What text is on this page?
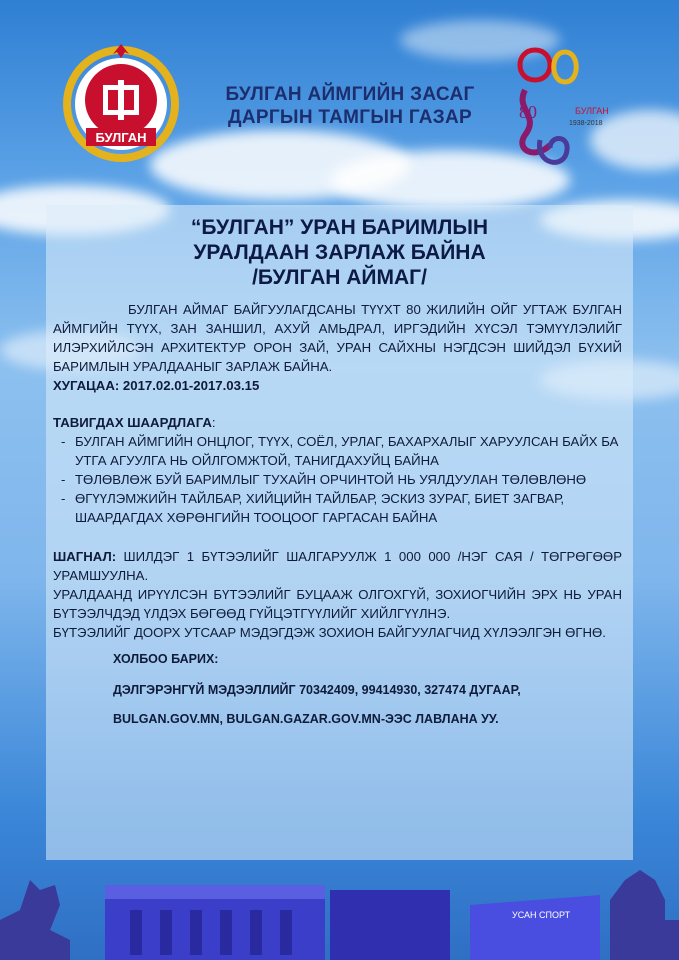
БУЛГАН
БУЛГАН АЙМГИЙН ЗАСАГ
ДАРГЫН ТАМГЫН ГАЗАР	80	БУЛГАН
1938-2018
“БУЛГАН” УРАН БАРИМЛЫН
УРАЛДААН ЗАРЛАЖ БАЙНА
/БУЛГАН АЙМАГ/

БУЛГАН АЙМАГ БАЙГУУЛАГДСАНЫ ТҮҮХТ 80 ЖИЛИЙН ОЙГ УГТАЖ БУЛГАН АЙМГИЙН ТҮҮХ, ЗАН ЗАНШИЛ, АХУЙ АМЬДРАЛ, ИРГЭДИЙН ХҮСЭЛ ТЭМҮҮЛЭЛИЙГ ИЛЭРХИЙЛСЭН АРХИТЕКТУР ОРОН ЗАЙ, УРАН САЙХНЫ НЭГДСЭН ШИЙДЭЛ БҮХИЙ БАРИМЛЫН УРАЛДААНЫГ ЗАРЛАЖ БАЙНА.

ХУГАЦАА: 2017.02.01-2017.03.15

ТАВИГДАХ ШААРДЛАГА:

- БУЛГАН АЙМГИЙН ОНЦЛОГ, ТҮҮХ, СОЁЛ, УРЛАГ, БАХАРХАЛЫГ ХАРУУЛСАН БАЙХ БА УТГА АГУУЛГА НЬ ОЙЛГОМЖТОЙ, ТАНИГДАХУЙЦ БАЙНА
- ТӨЛӨВЛӨЖ БУЙ БАРИМЛЫГ ТУХАЙН ОРЧИНТОЙ НЬ УЯЛДУУЛАН ТӨЛӨВЛӨНӨ
- ӨГҮҮЛЭМЖИЙН ТАЙЛБАР, ХИЙЦИЙН ТАЙЛБАР, ЭСКИЗ ЗУРАГ, БИЕТ ЗАГВАР, ШААРДАГДАХ ХӨРӨНГИЙН ТООЦООГ ГАРГАСАН БАЙНА

ШАГНАЛ: ШИЛДЭГ 1 БҮТЭЭЛИЙГ ШАЛГАРУУЛЖ 1 000 000 /НЭГ САЯ / ТӨГРӨГӨӨР УРАМШУУЛНА.

УРАЛДААНД ИРҮҮЛСЭН БҮТЭЭЛИЙГ БУЦААЖ ОЛГОХГҮЙ, ЗОХИОГЧИЙН ЭРХ НЬ УРАН БҮТЭЭЛЧДЭД ҮЛДЭХ БӨГӨӨД ГҮЙЦЭТГҮҮЛИЙГ ХИЙЛГҮҮЛНЭ.

БҮТЭЭЛИЙГ ДООРХ УТСААР МЭДЭГДЭЖ ЗОХИОН БАЙГУУЛАГЧИД ХҮЛЭЭЛГЭН ӨГНӨ.

ХОЛБОО БАРИХ:
ДЭЛГЭРЭНГҮЙ МЭДЭЭЛЛИЙГ 70342409, 99414930, 327474 ДУГААР,
BULGAN.GOV.MN, BULGAN.GAZAR.GOV.MN-ЭЭС ЛАВЛАНА УУ.
УСАН СПОРТ
